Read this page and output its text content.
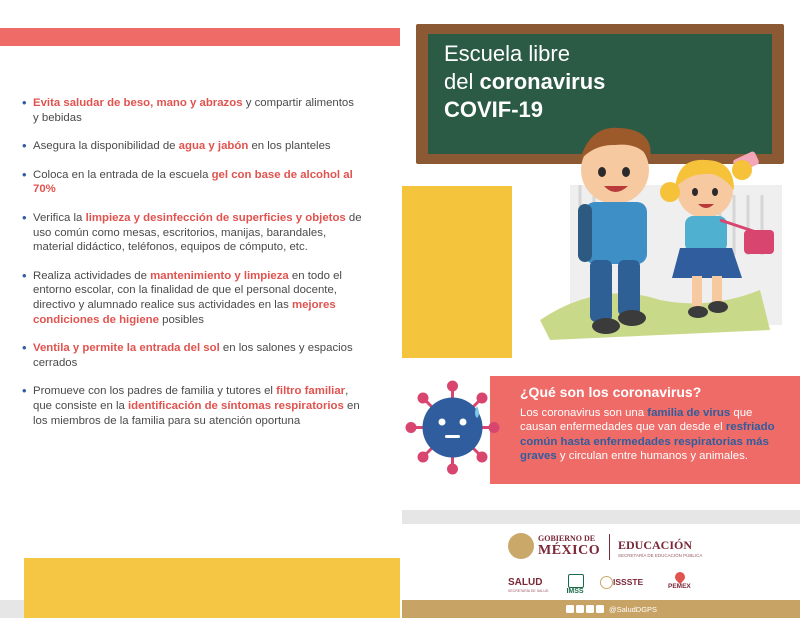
• Evita saludar de beso, mano y abrazos y compartir alimentos y bebidas
• Asegura la disponibilidad de agua y jabón en los planteles
• Coloca en la entrada de la escuela gel con base de alcohol al 70%
• Verifica la limpieza y desinfección de superficies y objetos de uso común como mesas, escritorios, manijas, barandales, material didáctico, teléfonos, equipos de cómputo, etc.
• Realiza actividades de mantenimiento y limpieza en todo el entorno escolar, con la finalidad de que el personal docente, directivo y alumnado realice sus actividades en las mejores condiciones de higiene posibles
• Ventila y permite la entrada del sol en los salones y espacios cerrados
• Promueve con los padres de familia y tutores el filtro familiar, que consiste en la identificación de síntomas respiratorios en los miembros de la familia para su atención oportuna
Escuela libre
del coronavirus
COVIF-19
¿Qué son los coronavirus?
Los coronavirus son una familia de virus que causan enfermedades que van desde el resfriado común hasta enfermedades respiratorias más graves y circulan entre humanos y animales.
GOBIERNO DE
MÉXICO EDUCACIÓN
SECRETARÍA DE EDUCACIÓN PÚBLICA
SALUD
SECRETARÍA DE SALUD	IMSS
ISSSTE	PEMEX
@SaludDGPS
